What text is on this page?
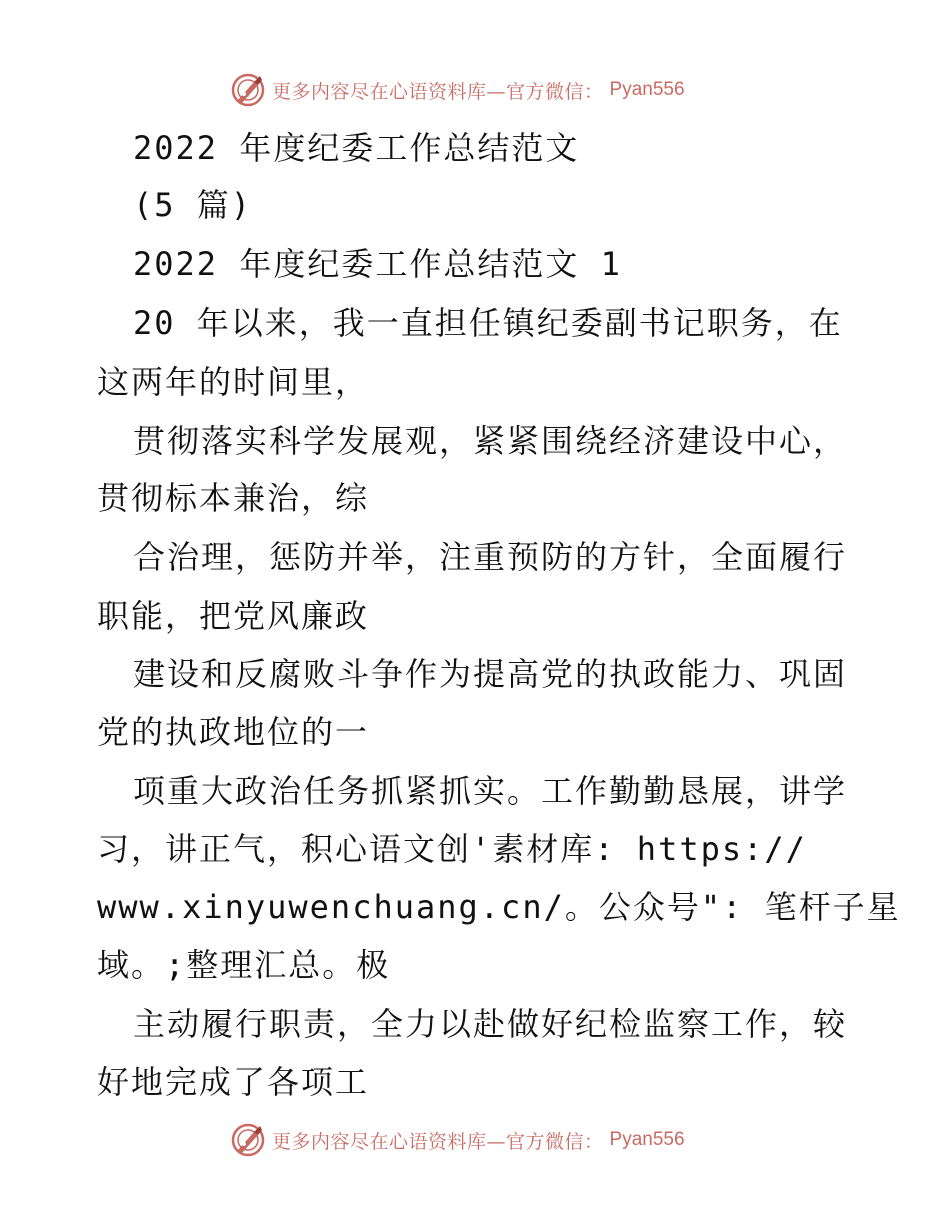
更多内容尽在心语资料库—官方微信： Pyan556
2022 年度纪委工作总结范文
(5 篇)
2022 年度纪委工作总结范文 1
20 年以来，我一直担任镇纪委副书记职务，在
这两年的时间里，
贯彻落实科学发展观，紧紧围绕经济建设中心，
贯彻标本兼治，综
合治理，惩防并举，注重预防的方针，全面履行
职能，把党风廉政
建设和反腐败斗争作为提高党的执政能力、巩固
党的执政地位的一
项重大政治任务抓紧抓实。工作勤勤恳展，讲学
习，讲正气，积心语文创'素材库: https://
www.xinyuwenchuang.cn/。公众号": 笔杆子星
域。;整理汇总。极
主动履行职责，全力以赴做好纪检监察工作，较
好地完成了各项工
更多内容尽在心语资料库—官方微信： Pyan556
